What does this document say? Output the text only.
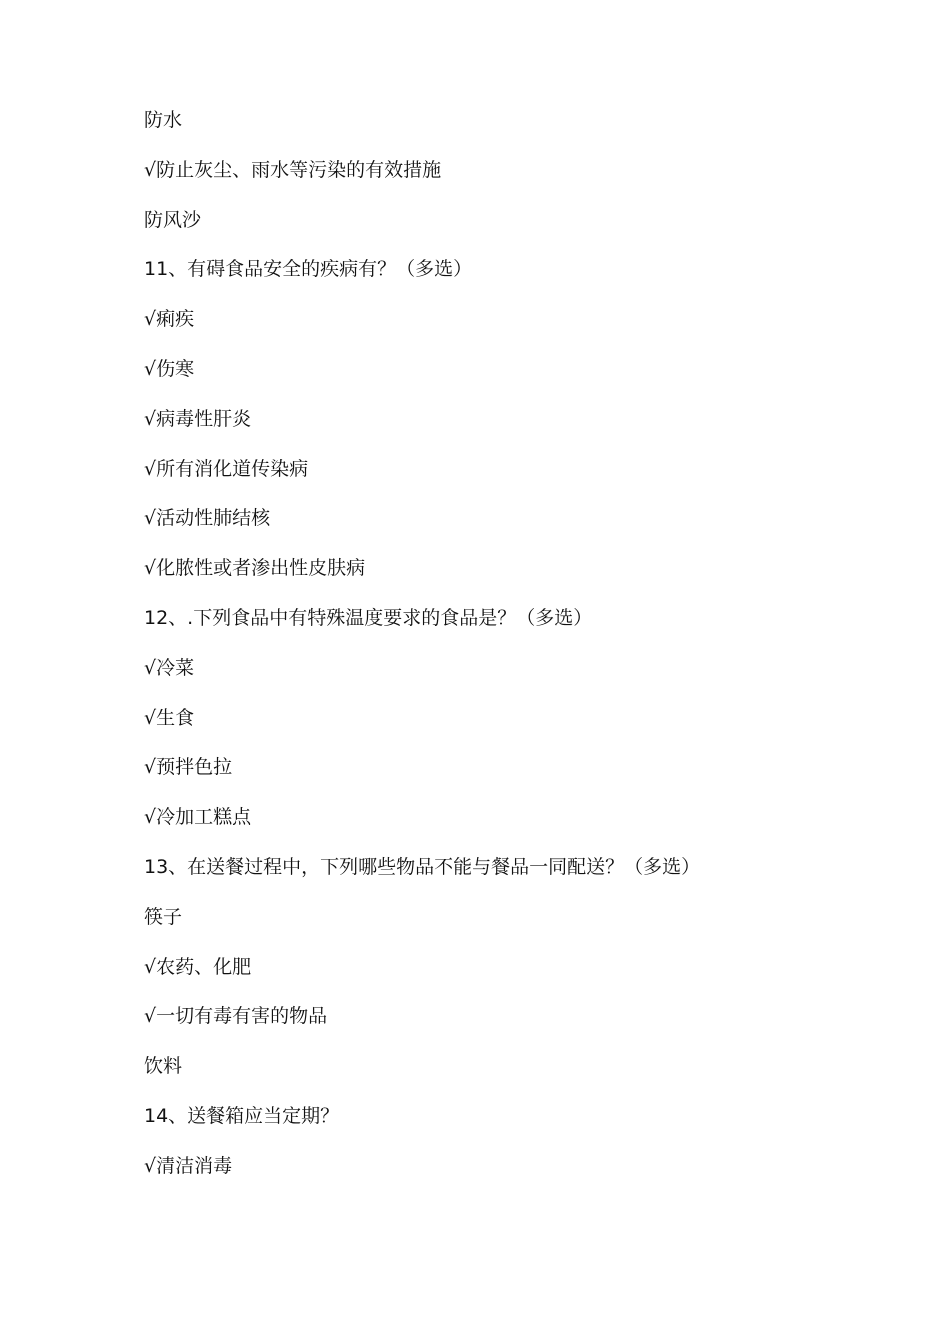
防水
√防止灰尘、雨水等污染的有效措施
防风沙
11、有碍食品安全的疾病有？（多选）
√痢疾
√伤寒
√病毒性肝炎
√所有消化道传染病
√活动性肺结核
√化脓性或者渗出性皮肤病
12、.下列食品中有特殊温度要求的食品是？（多选）
√冷菜
√生食
√预拌色拉
√冷加工糕点
13、在送餐过程中，下列哪些物品不能与餐品一同配送？（多选）
筷子
√农药、化肥
√一切有毒有害的物品
饮料
14、送餐箱应当定期？
√清洁消毒
